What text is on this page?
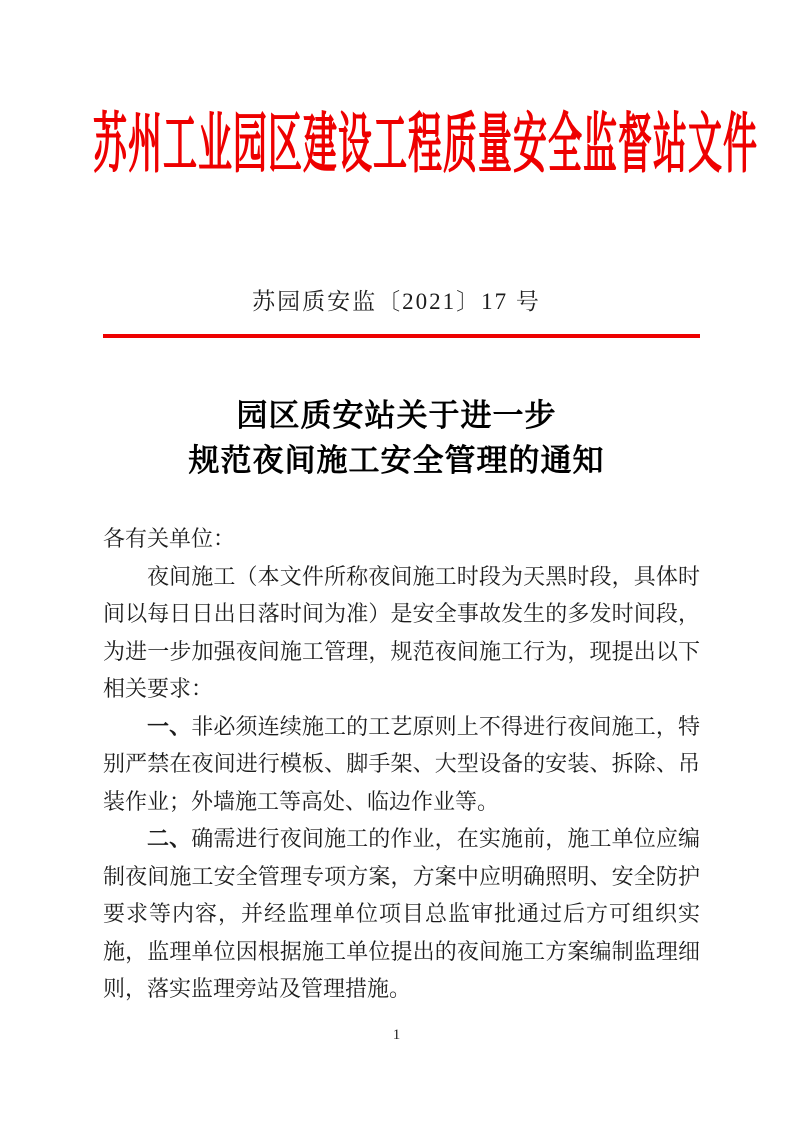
苏州工业园区建设工程质量安全监督站文件
苏园质安监〔2021〕17 号
园区质安站关于进一步
规范夜间施工安全管理的通知

各有关单位：

夜间施工（本文件所称夜间施工时段为天黑时段，具体时间以每日日出日落时间为准）是安全事故发生的多发时间段，为进一步加强夜间施工管理，规范夜间施工行为，现提出以下相关要求：

一、非必须连续施工的工艺原则上不得进行夜间施工，特别严禁在夜间进行模板、脚手架、大型设备的安装、拆除、吊装作业；外墙施工等高处、临边作业等。

二、确需进行夜间施工的作业，在实施前，施工单位应编制夜间施工安全管理专项方案，方案中应明确照明、安全防护要求等内容，并经监理单位项目总监审批通过后方可组织实施，监理单位因根据施工单位提出的夜间施工方案编制监理细则，落实监理旁站及管理措施。

1
